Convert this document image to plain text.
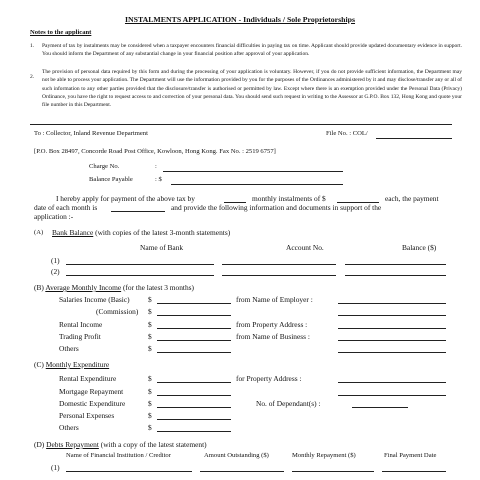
INSTALMENTS APPLICATION - Individuals / Sole Proprietorships
Notes to the applicant
1. Payment of tax by instalments may be considered when a taxpayer encounters financial difficulties in paying tax on time. Applicant should provide updated documentary evidence in support. You should inform the Department of any substantial change in your financial position after approval of your application.
2.
The provision of personal data required by this form and during the processing of your application is voluntary. However, if you do not provide sufficient information, the Department may not be able to process your application. The Department will use the information provided by you for the purposes of the Ordinances administered by it and may disclose/transfer any or all of such information to any other parties provided that the disclosure/transfer is authorised or permitted by law. Except where there is an exemption provided under the Personal Data (Privacy) Ordinance, you have the right to request access to and correction of your personal data. You should send such request in writing to the Assessor at G.P.O. Box 132, Hong Kong and quote your file number in this Department.
To : Collector, Inland Revenue Department	File No. : COL/
[P.O. Box 28497, Concorde Road Post Office, Kowloon, Hong Kong. Fax No. : 2519 6757]
Charge No.	:
Balance Payable	: $
I hereby apply for payment of the above tax by	monthly instalments of $	each, the payment
date of each month is	and provide the following information and documents in support of the
application :-
(A) Bank Balance (with copies of the latest 3-month statements)
Name of Bank	Account No.	Balance ($)
(1)
(2)
(B) Average Monthly Income (for the latest 3 months)
Salaries Income (Basic) $	from Name of Employer :
(Commission) $
Rental Income	$	from Property Address :
Trading Profit	$	from Name of Business :
Others	$
(C) Monthly Expenditure
Rental Expenditure	$	for Property Address :
Mortgage Repayment	$
Domestic Expenditure	$	No. of Dependant(s) :
Personal Expenses	$
Others	$
(D) Debts Repayment (with a copy of the latest statement)
Name of Financial Institution / Creditor	Amount Outstanding ($)	Monthly Repayment ($)	Final Payment Date
(1)
